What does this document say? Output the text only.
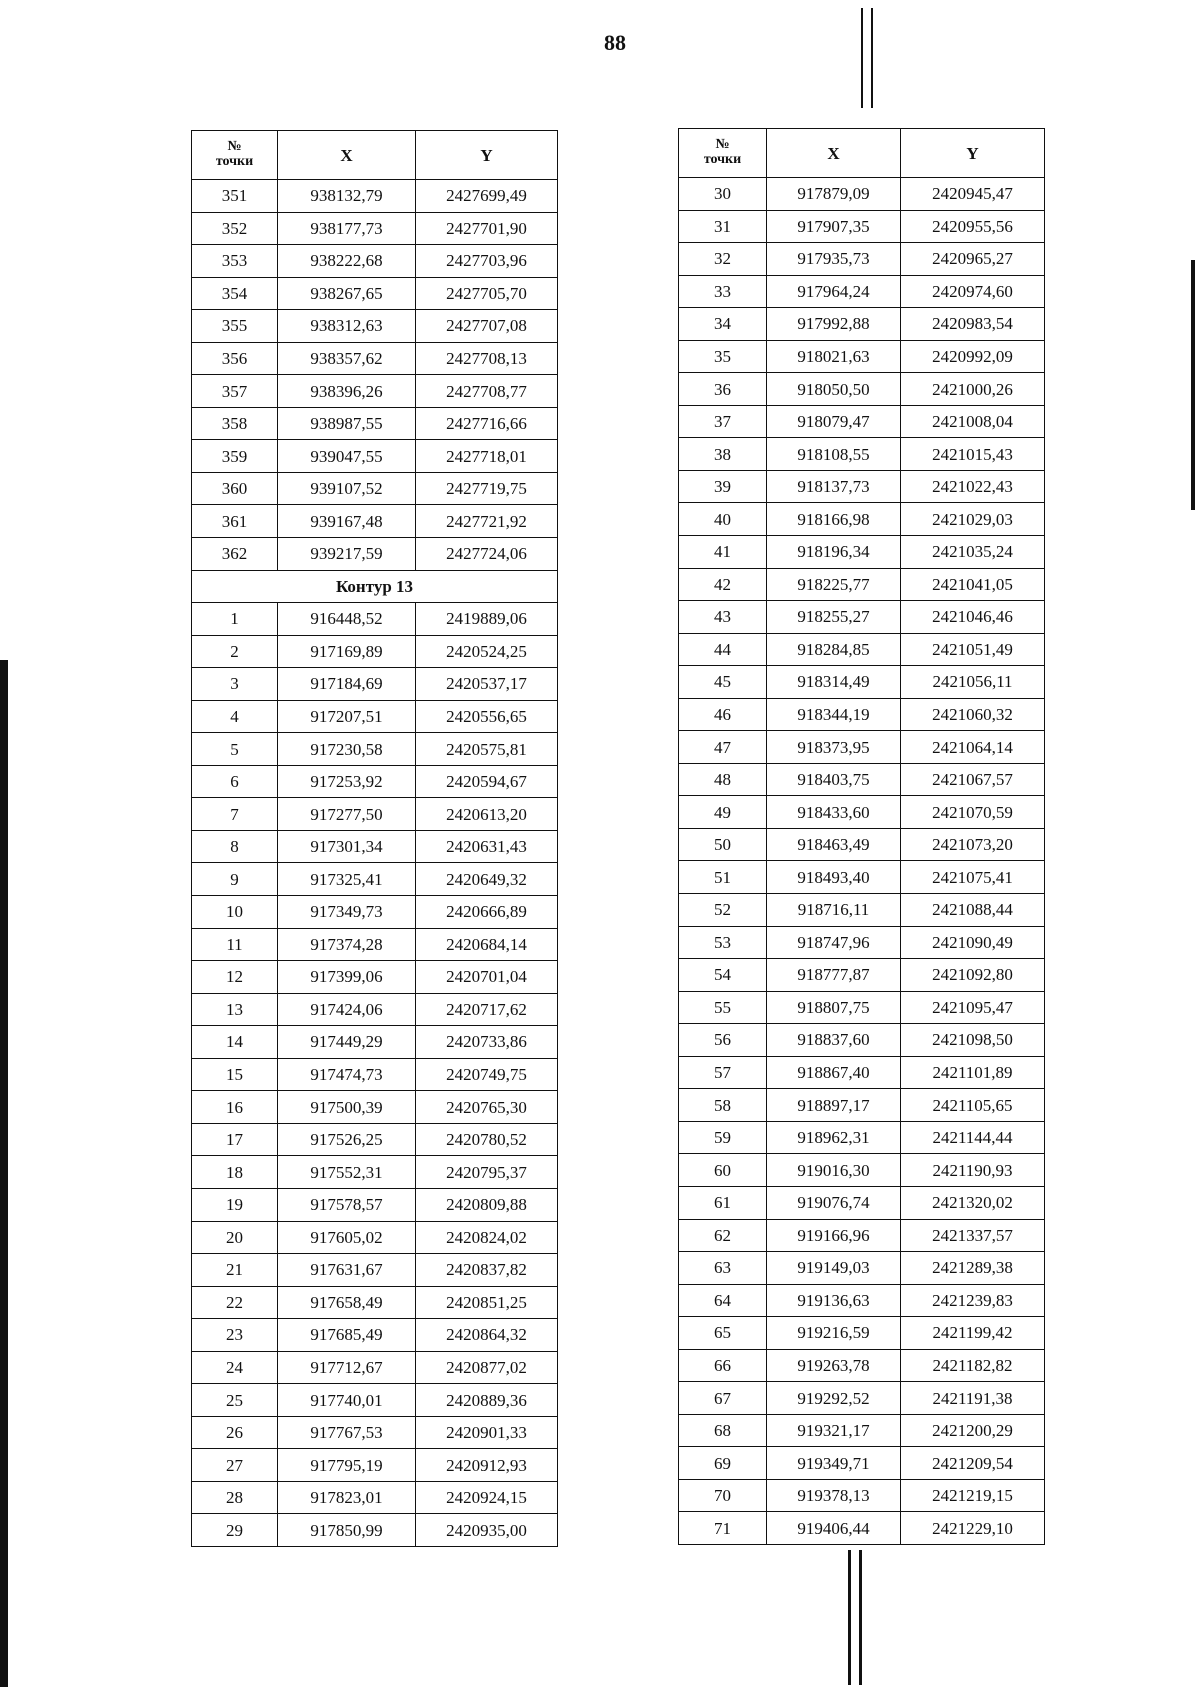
88
№
точки	X	Y
351	938132,79	2427699,49
352	938177,73	2427701,90
353	938222,68	2427703,96
354	938267,65	2427705,70
355	938312,63	2427707,08
356	938357,62	2427708,13
357	938396,26	2427708,77
358	938987,55	2427716,66
359	939047,55	2427718,01
360	939107,52	2427719,75
361	939167,48	2427721,92
362	939217,59	2427724,06
Контур 13		
1	916448,52	2419889,06
2	917169,89	2420524,25
3	917184,69	2420537,17
4	917207,51	2420556,65
5	917230,58	2420575,81
6	917253,92	2420594,67
7	917277,50	2420613,20
8	917301,34	2420631,43
9	917325,41	2420649,32
10	917349,73	2420666,89
11	917374,28	2420684,14
12	917399,06	2420701,04
13	917424,06	2420717,62
14	917449,29	2420733,86
15	917474,73	2420749,75
16	917500,39	2420765,30
17	917526,25	2420780,52
18	917552,31	2420795,37
19	917578,57	2420809,88
20	917605,02	2420824,02
21	917631,67	2420837,82
22	917658,49	2420851,25
23	917685,49	2420864,32
24	917712,67	2420877,02
25	917740,01	2420889,36
26	917767,53	2420901,33
27	917795,19	2420912,93
28	917823,01	2420924,15
29	917850,99	2420935,00
№
точки	X	Y
30	917879,09	2420945,47
31	917907,35	2420955,56
32	917935,73	2420965,27
33	917964,24	2420974,60
34	917992,88	2420983,54
35	918021,63	2420992,09
36	918050,50	2421000,26
37	918079,47	2421008,04
38	918108,55	2421015,43
39	918137,73	2421022,43
40	918166,98	2421029,03
41	918196,34	2421035,24
42	918225,77	2421041,05
43	918255,27	2421046,46
44	918284,85	2421051,49
45	918314,49	2421056,11
46	918344,19	2421060,32
47	918373,95	2421064,14
48	918403,75	2421067,57
49	918433,60	2421070,59
50	918463,49	2421073,20
51	918493,40	2421075,41
52	918716,11	2421088,44
53	918747,96	2421090,49
54	918777,87	2421092,80
55	918807,75	2421095,47
56	918837,60	2421098,50
57	918867,40	2421101,89
58	918897,17	2421105,65
59	918962,31	2421144,44
60	919016,30	2421190,93
61	919076,74	2421320,02
62	919166,96	2421337,57
63	919149,03	2421289,38
64	919136,63	2421239,83
65	919216,59	2421199,42
66	919263,78	2421182,82
67	919292,52	2421191,38
68	919321,17	2421200,29
69	919349,71	2421209,54
70	919378,13	2421219,15
71	919406,44	2421229,10
